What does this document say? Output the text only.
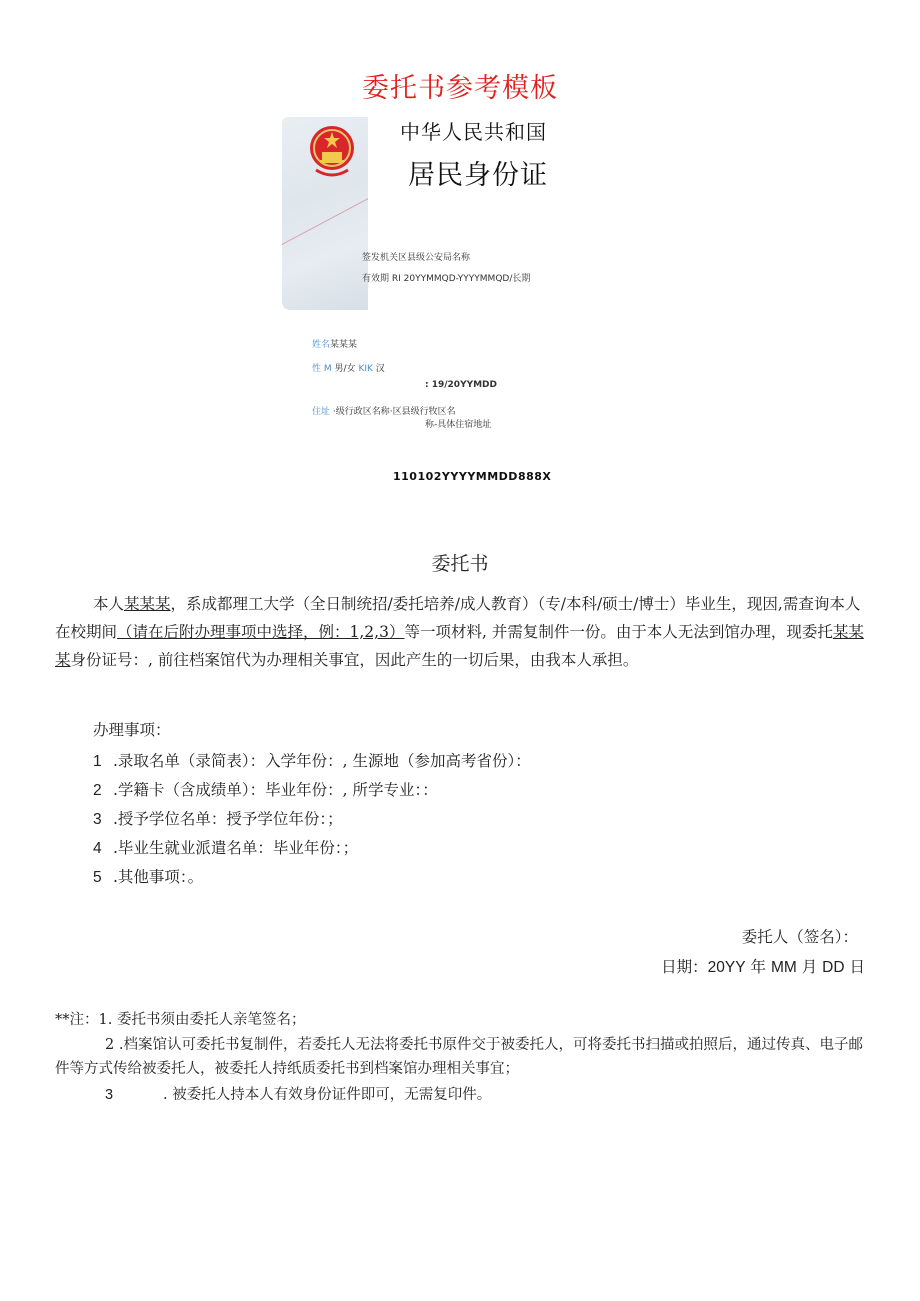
委托书参考模板
中华人民共和国
居民身份证
签发机关区县级公安局名称
有效期 RI 20YYMMQD-YYYYMMQD/长期
姓名某某某
性 M 男/女 KIK 汉
: 19/20YYMDD
住址 ·级行政区名称·区县级行牧区名
称-具体住宿地址
110102YYYYMMDD888X
委托书
本人某某某，系成都理工大学（全日制统招/委托培养/成人教育）（专/本科/硕士/博士）毕业生，现因,需查询本人在校期间（请在后附办理事项中选择，例：1,2,3）等一项材料, 并需复制件一份。由于本人无法到馆办理，现委托某某某身份证号：, 前往档案馆代为办理相关事宜，因此产生的一切后果，由我本人承担。
办理事项：
1 .录取名单（录简表）：入学年份：, 生源地（参加高考省份）：
2 .学籍卡（含成绩单）：毕业年份：, 所学专业：：
3 .授予学位名单：授予学位年份：；
4 .毕业生就业派遣名单：毕业年份：；
5 .其他事项：。
委托人（签名）：
日期：20YY 年 MM 月 DD 日
**注：1. 委托书须由委托人亲笔签名；
2 .档案馆认可委托书复制件，若委托人无法将委托书原件交于被委托人，可将委托书扫描或拍照后，通过传真、电子邮件等方式传给被委托人，被委托人持纸质委托书到档案馆办理相关事宜；
3	. 被委托人持本人有效身份证件即可，无需复印件。
